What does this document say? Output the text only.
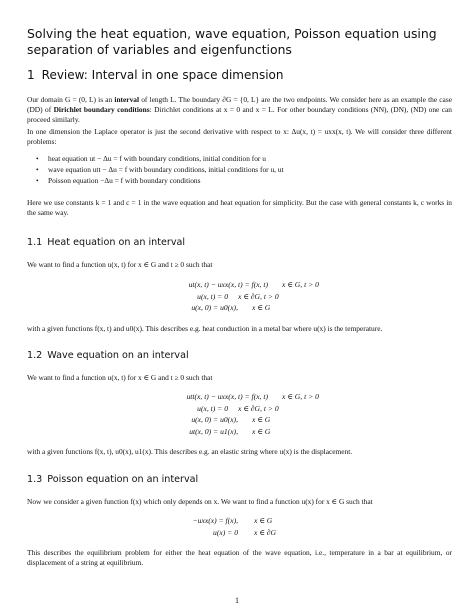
Solving the heat equation, wave equation, Poisson equation using separation of variables and eigenfunctions
1 Review: Interval in one space dimension

Our domain G = (0, L) is an interval of length L. The boundary ∂G = {0, L} are the two endpoints. We consider here as an example the case (DD) of Dirichlet boundary conditions: Dirichlet conditions at x = 0 and x = L. For other boundary conditions (NN), (DN), (ND) one can proceed similarly.

In one dimension the Laplace operator is just the second derivative with respect to x: Δu(x, t) = uxx(x, t). We will consider three different problems:

• heat equation ut − Δu = f with boundary conditions, initial condition for u
• wave equation utt − Δu = f with boundary conditions, initial conditions for u, ut
• Poisson equation −Δu = f with boundary conditions

Here we use constants k = 1 and c = 1 in the wave equation and heat equation for simplicity. But the case with general constants k, c works in the same way.

1.1 Heat equation on an interval

We want to find a function u(x, t) for x ∈ G and t ≥ 0 such that

ut(x, t) − uxx(x, t) = f(x, t) x ∈ G, t > 0
u(x, t) = 0 x ∈ ∂G, t > 0
u(x, 0) = u0(x), x ∈ G

with a given functions f(x, t) and u0(x). This describes e.g. heat conduction in a metal bar where u(x) is the temperature.

1.2 Wave equation on an interval

We want to find a function u(x, t) for x ∈ G and t ≥ 0 such that

utt(x, t) − uxx(x, t) = f(x, t) x ∈ G, t > 0
u(x, t) = 0 x ∈ ∂G, t > 0
u(x, 0) = u0(x), x ∈ G
ut(x, 0) = u1(x), x ∈ G

with a given functions f(x, t), u0(x), u1(x). This describes e.g. an elastic string where u(x) is the displacement.

1.3 Poisson equation on an interval

Now we consider a given function f(x) which only depends on x. We want to find a function u(x) for x ∈ G such that

−uxx(x) = f(x), x ∈ G
u(x) = 0 x ∈ ∂G

This describes the equilibrium problem for either the heat equation of the wave equation, i.e., temperature in a bar at equilibrium, or displacement of a string at equilibrium.

1
